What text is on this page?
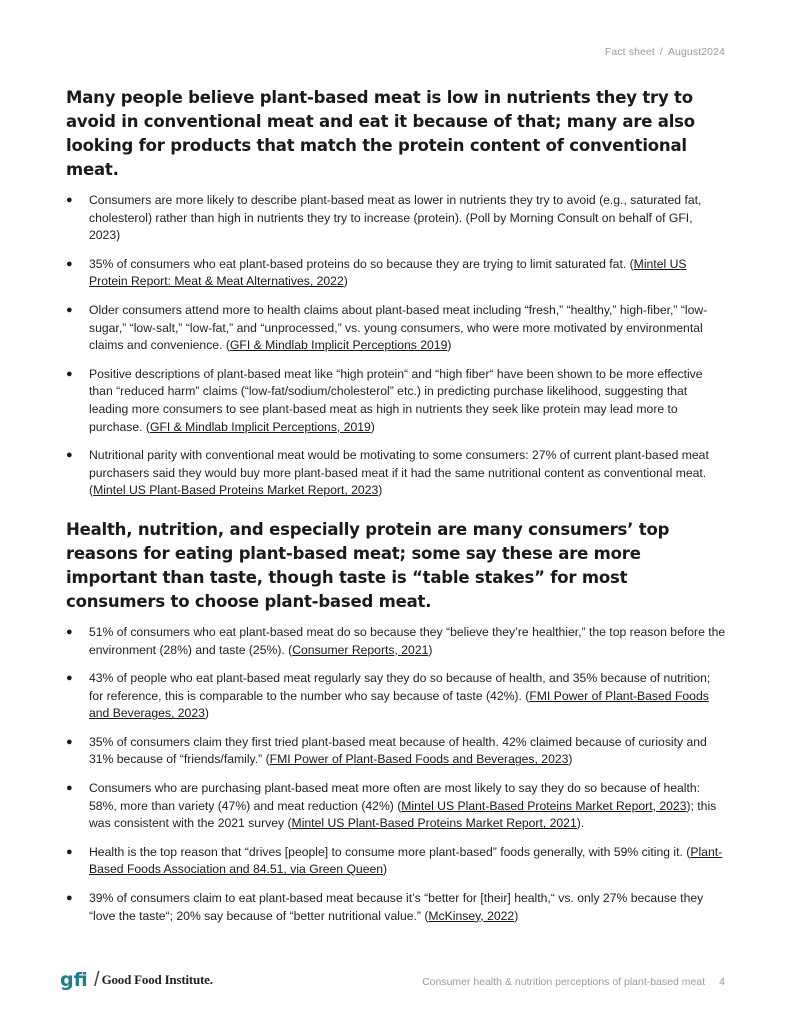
Fact sheet / August2024
Many people believe plant-based meat is low in nutrients they try to avoid in conventional meat and eat it because of that; many are also looking for products that match the protein content of conventional meat.
● Consumers are more likely to describe plant-based meat as lower in nutrients they try to avoid (e.g., saturated fat, cholesterol) rather than high in nutrients they try to increase (protein). (Poll by Morning Consult on behalf of GFI, 2023)
● 35% of consumers who eat plant-based proteins do so because they are trying to limit saturated fat. (Mintel US Protein Report: Meat & Meat Alternatives, 2022)
● Older consumers attend more to health claims about plant-based meat including “fresh,” “healthy,” high-fiber,” “low-sugar,” “low-salt,” “low-fat,” and “unprocessed,” vs. young consumers, who were more motivated by environmental claims and convenience. (GFI & Mindlab Implicit Perceptions 2019)
● Positive descriptions of plant-based meat like “high protein“ and “high fiber“ have been shown to be more effective than “reduced harm” claims (“low-fat/sodium/cholesterol” etc.) in predicting purchase likelihood, suggesting that leading more consumers to see plant-based meat as high in nutrients they seek like protein may lead more to purchase. (GFI & Mindlab Implicit Perceptions, 2019)
● Nutritional parity with conventional meat would be motivating to some consumers: 27% of current plant-based meat purchasers said they would buy more plant-based meat if it had the same nutritional content as conventional meat. (Mintel US Plant-Based Proteins Market Report, 2023)
Health, nutrition, and especially protein are many consumers’ top reasons for eating plant-based meat; some say these are more important than taste, though taste is “table stakes” for most consumers to choose plant-based meat.
● 51% of consumers who eat plant-based meat do so because they “believe they’re healthier,” the top reason before the environment (28%) and taste (25%). (Consumer Reports, 2021)
● 43% of people who eat plant-based meat regularly say they do so because of health, and 35% because of nutrition; for reference, this is comparable to the number who say because of taste (42%). (FMI Power of Plant-Based Foods and Beverages, 2023)
● 35% of consumers claim they first tried plant-based meat because of health. 42% claimed because of curiosity and 31% because of “friends/family.” (FMI Power of Plant-Based Foods and Beverages, 2023)
● Consumers who are purchasing plant-based meat more often are most likely to say they do so because of health: 58%, more than variety (47%) and meat reduction (42%) (Mintel US Plant-Based Proteins Market Report, 2023); this was consistent with the 2021 survey (Mintel US Plant-Based Proteins Market Report, 2021).
● Health is the top reason that “drives [people] to consume more plant-based” foods generally, with 59% citing it. (Plant-Based Foods Association and 84.51, via Green Queen)
● 39% of consumers claim to eat plant-based meat because it’s “better for [their] health,“ vs. only 27% because they “love the taste“; 20% say because of “better nutritional value.” (McKinsey, 2022)
gfi / Good Food Institute.	Consumer health & nutrition perceptions of plant-based meat 4
